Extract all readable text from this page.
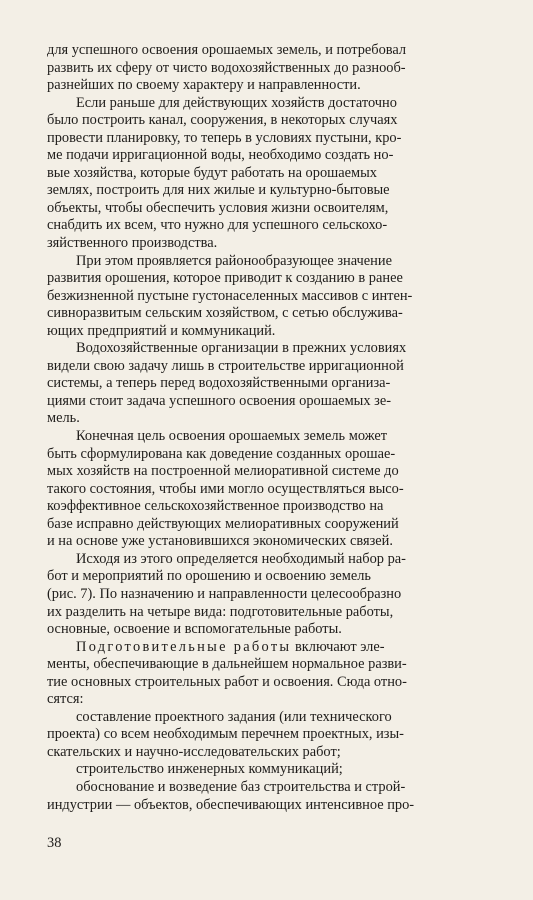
для успешного освоения орошаемых земель, и потребовал
развить их сферу от чисто водохозяйственных до разнооб-
разнейших по своему характеру и направленности.
Если раньше для действующих хозяйств достаточно
было построить канал, сооружения, в некоторых случаях
провести планировку, то теперь в условиях пустыни, кро-
ме подачи ирригационной воды, необходимо создать но-
вые хозяйства, которые будут работать на орошаемых
землях, построить для них жилые и культурно-бытовые
объекты, чтобы обеспечить условия жизни освоителям,
снабдить их всем, что нужно для успешного сельскохо-
зяйственного производства.
При этом проявляется районообразующее значение
развития орошения, которое приводит к созданию в ранее
безжизненной пустыне густонаселенных массивов с интен-
сивноразвитым сельским хозяйством, с сетью обслужива-
ющих предприятий и коммуникаций.
Водохозяйственные организации в прежних условиях
видели свою задачу лишь в строительстве ирригационной
системы, а теперь перед водохозяйственными организа-
циями стоит задача успешного освоения орошаемых зе-
мель.
Конечная цель освоения орошаемых земель может
быть сформулирована как доведение созданных орошае-
мых хозяйств на построенной мелиоративной системе до
такого состояния, чтобы ими могло осуществляться высо-
коэффективное сельскохозяйственное производство на
базе исправно действующих мелиоративных сооружений
и на основе уже установившихся экономических связей.
Исходя из этого определяется необходимый набор ра-
бот и мероприятий по орошению и освоению земель
(рис. 7). По назначению и направленности целесообразно
их разделить на четыре вида: подготовительные работы,
основные, освоение и вспомогательные работы.
Подготовительные работы включают эле-
менты, обеспечивающие в дальнейшем нормальное разви-
тие основных строительных работ и освоения. Сюда отно-
сятся:
составление проектного задания (или технического
проекта) со всем необходимым перечнем проектных, изы-
скательских и научно-исследовательских работ;
строительство инженерных коммуникаций;
обоснование и возведение баз строительства и строй-
индустрии — объектов, обеспечивающих интенсивное про-
38
